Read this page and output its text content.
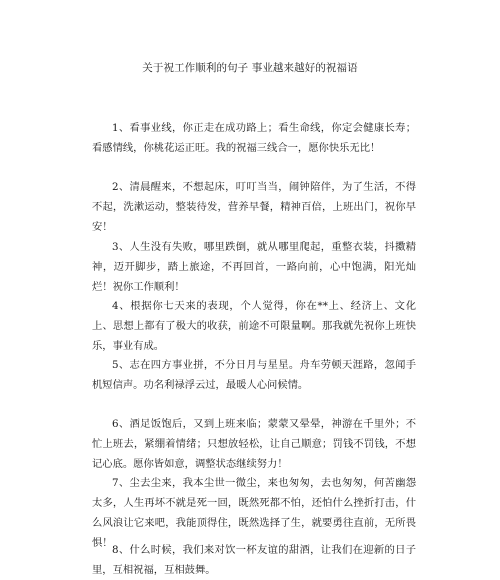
关于祝工作顺利的句子 事业越来越好的祝福语

1、看事业线，你正走在成功路上；看生命线，你定会健康长寿；看感情线，你桃花运正旺。我的祝福三线合一，愿你快乐无比！

2、清晨醒来，不想起床，叮叮当当，闹钟陪伴，为了生活，不得不起，洗漱运动，整装待发，营养早餐，精神百倍，上班出门，祝你早安！

3、人生没有失败，哪里跌倒，就从哪里爬起，重整衣装，抖擞精神，迈开脚步，踏上旅途，不再回首，一路向前，心中饱满，阳光灿烂！祝你工作顺利！

4、根据你七天来的表现，个人觉得，你在**上、经济上、文化上、思想上都有了极大的收获，前途不可限量啊。那我就先祝你上班快乐，事业有成。

5、志在四方事业拼，不分日月与星星。舟车劳顿天涯路，忽闻手机短信声。功名利禄浮云过，最暖人心问候情。

6、酒足饭饱后，又到上班来临；蒙蒙又晕晕，神游在千里外；不忙上班去，紧绷着情绪；只想放轻松，让自己顺意；罚钱不罚钱，不想记心底。愿你皆如意，调整状态继续努力！

7、尘去尘来，我本尘世一微尘，来也匆匆，去也匆匆，何苦幽怨太多，人生再坏不就是死一回，既然死都不怕，还怕什么挫折打击，什么风浪让它来吧，我能顶得住，既然选择了生，就要勇往直前，无所畏惧！

8、什么时候，我们来对饮一杯友谊的甜酒，让我们在迎新的日子里，互相祝福，互相鼓舞。
